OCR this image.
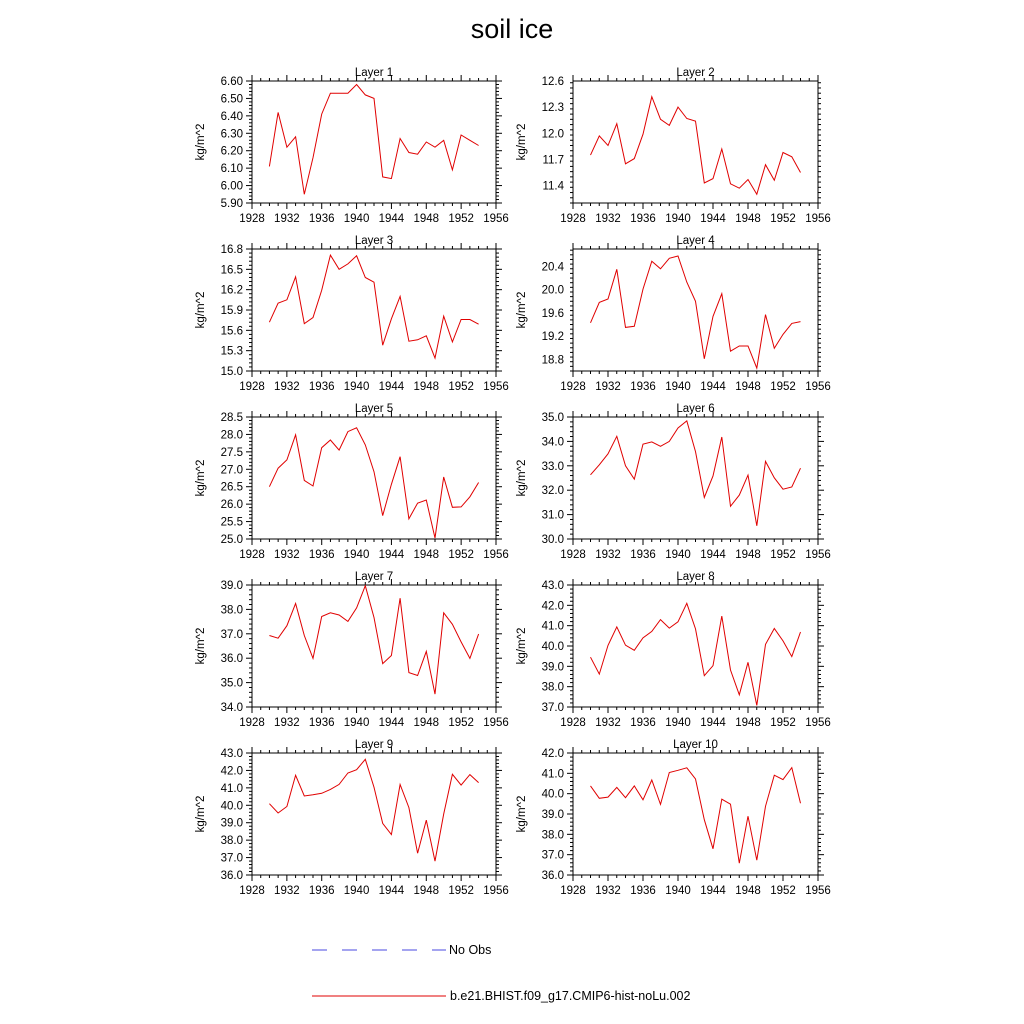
soil ice
Layer 1
1928 1932 1936 1940 1944 1948 1952 1956
5.90
6.00
6.10
6.20
6.30
6.40
6.50
6.60
kg/m^2
Layer 2
1928 1932 1936 1940 1944 1948 1952 1956
11.4
11.7
12.0
12.3
12.6
kg/m^2
Layer 3
1928 1932 1936 1940 1944 1948 1952 1956
15.0
15.3
15.6
15.9
16.2
16.5
16.8
kg/m^2
Layer 4
1928 1932 1936 1940 1944 1948 1952 1956
18.8
19.2
19.6
20.0
20.4
kg/m^2
Layer 5
1928 1932 1936 1940 1944 1948 1952 1956
25.0
25.5
26.0
26.5
27.0
27.5
28.0
28.5
kg/m^2
Layer 6
1928 1932 1936 1940 1944 1948 1952 1956
30.0
31.0
32.0
33.0
34.0
35.0
kg/m^2
Layer 7
1928 1932 1936 1940 1944 1948 1952 1956
34.0
35.0
36.0
37.0
38.0
39.0
kg/m^2
Layer 8
1928 1932 1936 1940 1944 1948 1952 1956
37.0
38.0
39.0
40.0
41.0
42.0
43.0
kg/m^2
Layer 9
1928 1932 1936 1940 1944 1948 1952 1956
36.0
37.0
38.0
39.0
40.0
41.0
42.0
43.0
kg/m^2
Layer 10
1928 1932 1936 1940 1944 1948 1952 1956
36.0
37.0
38.0
39.0
40.0
41.0
42.0
kg/m^2
No Obs
b.e21.BHIST.f09_g17.CMIP6-hist-noLu.002
